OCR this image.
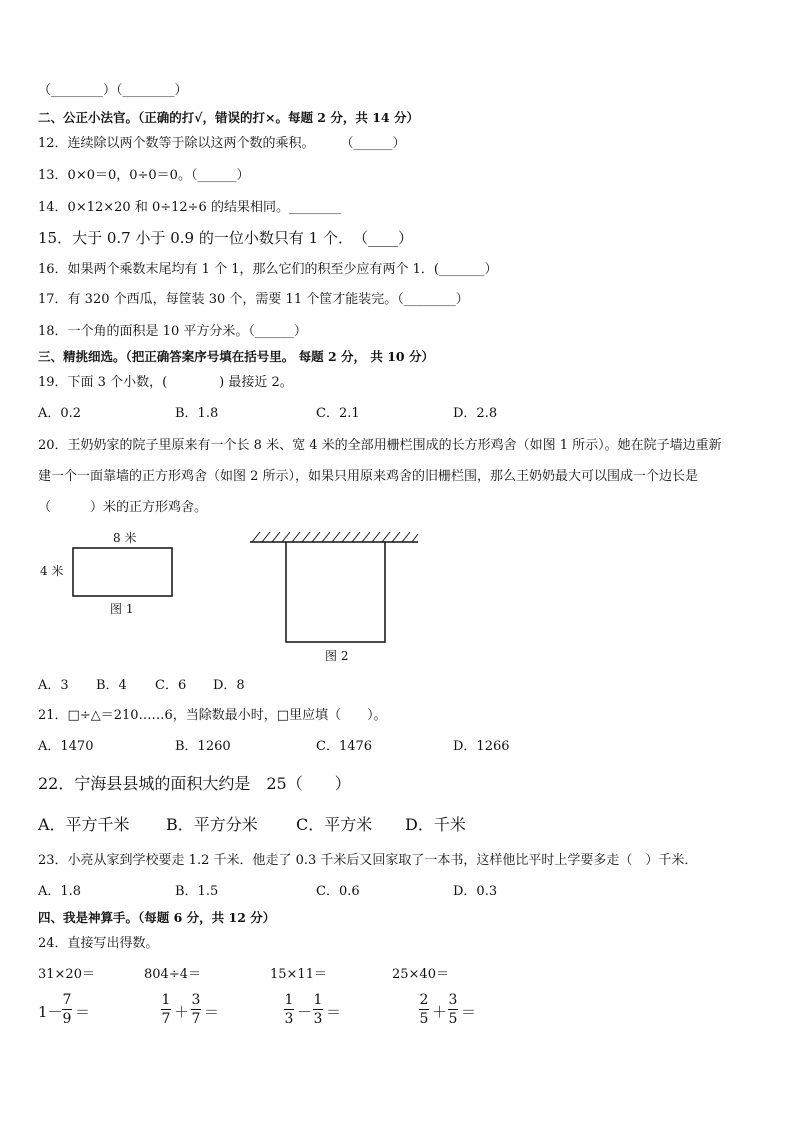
（________）（________）
二、公正小法官。（正确的打√，错误的打×。每题 2 分，共 14 分）
12．连续除以两个数等于除以这两个数的乘积。　　　（______）
13．0×0＝0，0÷0＝0。（______）
14．0×12×20 和 0÷12÷6 的结果相同。________
15．大于 0.7 小于 0.9 的一位小数只有 1 个．　（____）
16．如果两个乘数末尾均有 1 个 1，那么它们的积至少应有两个 1．(_______）
17．有 320 个西瓜，每筐装 30 个，需要 11 个筐才能装完。（________）
18．一个角的面积是 10 平方分米。（______）
三、精挑细选。（把正确答案序号填在括号里。 每题 2 分， 共 10 分）
19．下面 3 个小数，(　　　　) 最接近 2。
A．0.2	B．1.8	C．2.1	D．2.8
20．王奶奶家的院子里原来有一个长 8 米、宽 4 米的全部用栅栏围成的长方形鸡舍（如图 1 所示）。她在院子墙边重新
建一个一面靠墙的正方形鸡舍（如图 2 所示），如果只用原来鸡舍的旧栅栏围，那么王奶奶最大可以围成一个边长是
（　　　）米的正方形鸡舍。
8 米
4 米
图 1
图 2
A．3 B．4 C．6 D．8
21．□÷△＝210……6，当除数最小时，□里应填（　　）。
A．1470	B．1260	C．1476	D．1266
22．宁海县县城的面积大约是　25（　　）
A．平方千米 B．平方分米 C．平方米 D．千米
23．小亮从家到学校要走 1.2 千米．他走了 0.3 千米后又回家取了一本书，这样他比平时上学要多走（　）千米．
A．1.8	B．1.5	C．0.6	D．0.3
四、我是神算手。（每题 6 分，共 12 分）
24．直接写出得数。
31×20＝	804÷4＝	15×11＝	25×40＝
1－
7
9 ＝
1
7 ＋
3
7 ＝
1
3 －
1
3 ＝
2
5 ＋
3
5 ＝
